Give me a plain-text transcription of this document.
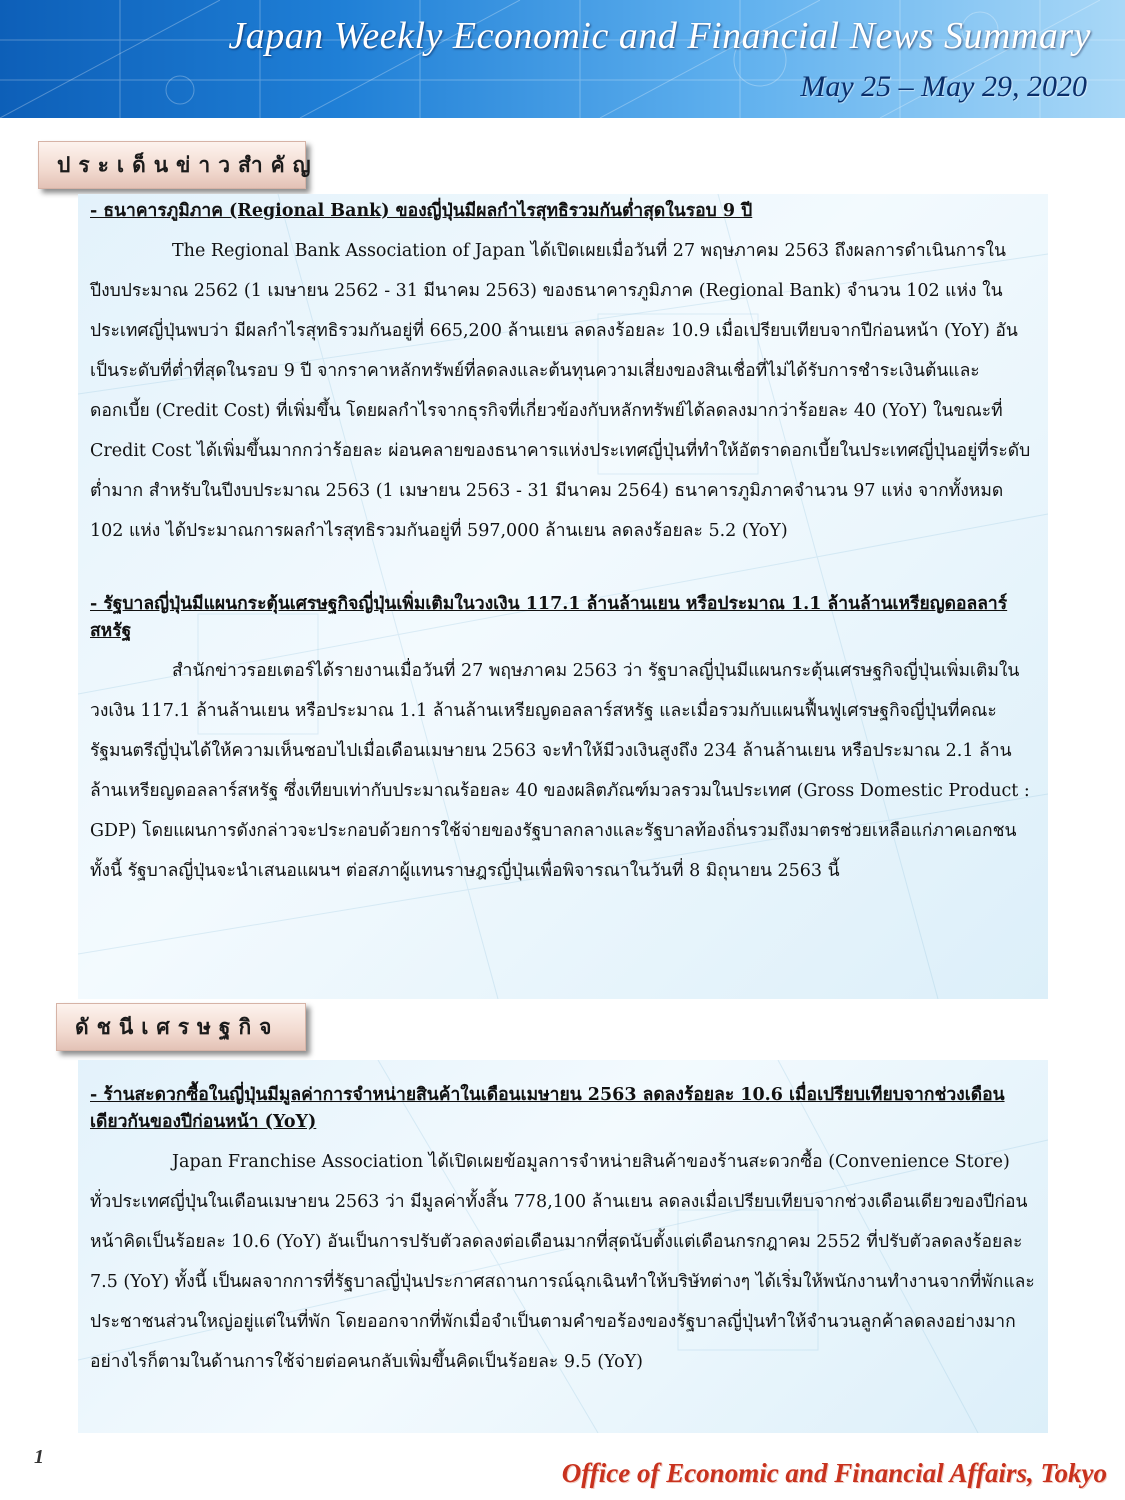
Japan Weekly Economic and Financial News Summary
May 25 – May 29, 2020
ประเด็นข่าวสำคัญ
- ธนาคารภูมิภาค (Regional Bank) ของญี่ปุ่นมีผลกำไรสุทธิรวมกันต่ำสุดในรอบ 9 ปี

The Regional Bank Association of Japan ได้เปิดเผยเมื่อวันที่ 27 พฤษภาคม 2563 ถึงผลการดำเนินการในปีงบประมาณ 2562 (1 เมษายน 2562 - 31 มีนาคม 2563) ของธนาคารภูมิภาค (Regional Bank) จำนวน 102 แห่ง ในประเทศญี่ปุ่นพบว่า มีผลกำไรสุทธิรวมกันอยู่ที่ 665,200 ล้านเยน ลดลงร้อยละ 10.9 เมื่อเปรียบเทียบจากปีก่อนหน้า (YoY) อันเป็นระดับที่ต่ำที่สุดในรอบ 9 ปี จากราคาหลักทรัพย์ที่ลดลงและต้นทุนความเสี่ยงของสินเชื่อที่ไม่ได้รับการชำระเงินต้นและดอกเบี้ย (Credit Cost) ที่เพิ่มขึ้น โดยผลกำไรจากธุรกิจที่เกี่ยวข้องกับหลักทรัพย์ได้ลดลงมากว่าร้อยละ 40 (YoY) ในขณะที่ Credit Cost ได้เพิ่มขึ้นมากกว่าร้อยละ ผ่อนคลายของธนาคารแห่งประเทศญี่ปุ่นที่ทำให้อัตราดอกเบี้ยในประเทศญี่ปุ่นอยู่ที่ระดับต่ำมาก สำหรับในปีงบประมาณ 2563 (1 เมษายน 2563 - 31 มีนาคม 2564) ธนาคารภูมิภาคจำนวน 97 แห่ง จากทั้งหมด 102 แห่ง ได้ประมาณการผลกำไรสุทธิรวมกันอยู่ที่ 597,000 ล้านเยน ลดลงร้อยละ 5.2 (YoY)

- รัฐบาลญี่ปุ่นมีแผนกระตุ้นเศรษฐกิจญี่ปุ่นเพิ่มเติมในวงเงิน 117.1 ล้านล้านเยน หรือประมาณ 1.1 ล้านล้านเหรียญดอลลาร์สหรัฐ

สำนักข่าวรอยเตอร์ได้รายงานเมื่อวันที่ 27 พฤษภาคม 2563 ว่า รัฐบาลญี่ปุ่นมีแผนกระตุ้นเศรษฐกิจญี่ปุ่นเพิ่มเติมในวงเงิน 117.1 ล้านล้านเยน หรือประมาณ 1.1 ล้านล้านเหรียญดอลลาร์สหรัฐ และเมื่อรวมกับแผนฟื้นฟูเศรษฐกิจญี่ปุ่นที่คณะรัฐมนตรีญี่ปุ่นได้ให้ความเห็นชอบไปเมื่อเดือนเมษายน 2563 จะทำให้มีวงเงินสูงถึง 234 ล้านล้านเยน หรือประมาณ 2.1 ล้านล้านเหรียญดอลลาร์สหรัฐ ซึ่งเทียบเท่ากับประมาณร้อยละ 40 ของผลิตภัณฑ์มวลรวมในประเทศ (Gross Domestic Product : GDP) โดยแผนการดังกล่าวจะประกอบด้วยการใช้จ่ายของรัฐบาลกลางและรัฐบาลท้องถิ่นรวมถึงมาตรช่วยเหลือแก่ภาคเอกชน ทั้งนี้ รัฐบาลญี่ปุ่นจะนำเสนอแผนฯ ต่อสภาผู้แทนราษฎรญี่ปุ่นเพื่อพิจารณาในวันที่ 8 มิถุนายน 2563 นี้

ดัชนีเศรษฐกิจ
- ร้านสะดวกซื้อในญี่ปุ่นมีมูลค่าการจำหน่ายสินค้าในเดือนเมษายน 2563 ลดลงร้อยละ 10.6 เมื่อเปรียบเทียบจากช่วงเดือนเดียวกันของปีก่อนหน้า (YoY)

Japan Franchise Association ได้เปิดเผยข้อมูลการจำหน่ายสินค้าของร้านสะดวกซื้อ (Convenience Store) ทั่วประเทศญี่ปุ่นในเดือนเมษายน 2563 ว่า มีมูลค่าทั้งสิ้น 778,100 ล้านเยน ลดลงเมื่อเปรียบเทียบจากช่วงเดือนเดียวของปีก่อนหน้าคิดเป็นร้อยละ 10.6 (YoY) อันเป็นการปรับตัวลดลงต่อเดือนมากที่สุดนับตั้งแต่เดือนกรกฎาคม 2552 ที่ปรับตัวลดลงร้อยละ 7.5 (YoY) ทั้งนี้ เป็นผลจากการที่รัฐบาลญี่ปุ่นประกาศสถานการณ์ฉุกเฉินทำให้บริษัทต่างๆ ได้เริ่มให้พนักงานทำงานจากที่พักและประชาชนส่วนใหญ่อยู่แต่ในที่พัก โดยออกจากที่พักเมื่อจำเป็นตามคำขอร้องของรัฐบาลญี่ปุ่นทำให้จำนวนลูกค้าลดลงอย่างมาก อย่างไรก็ตามในด้านการใช้จ่ายต่อคนกลับเพิ่มขึ้นคิดเป็นร้อยละ 9.5 (YoY)

1
Office of Economic and Financial Affairs, Tokyo
